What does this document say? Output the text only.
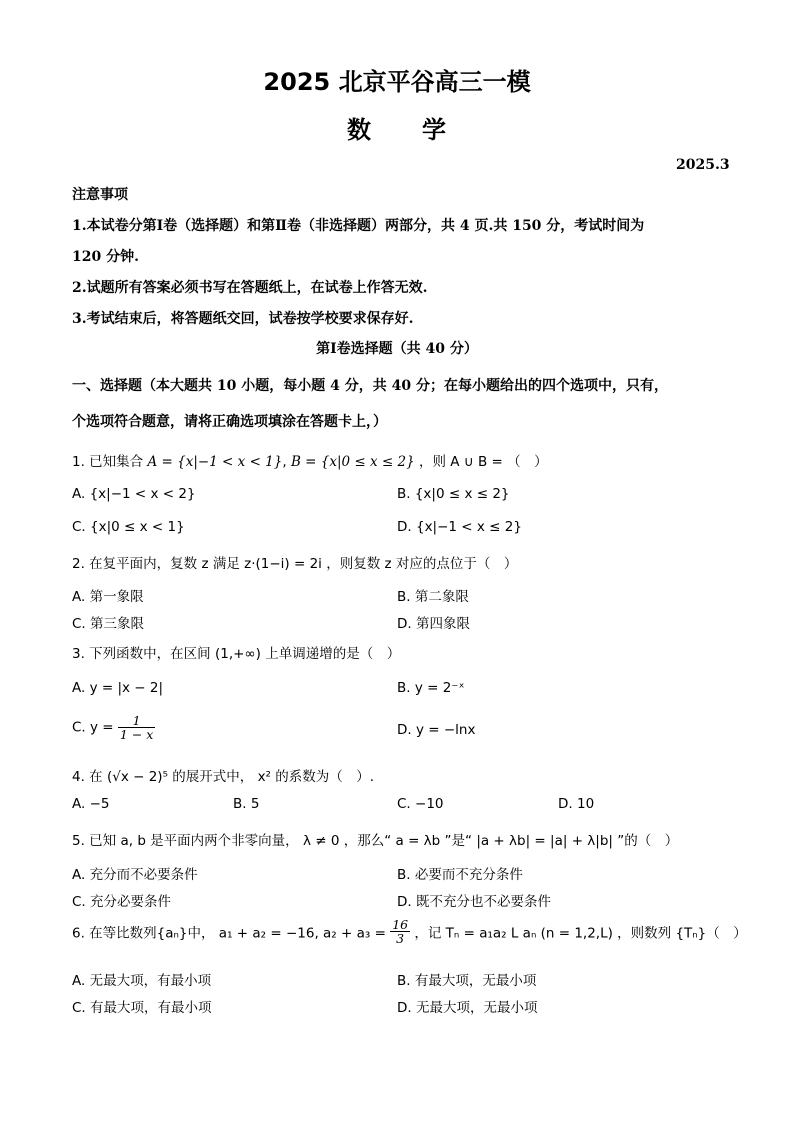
2025 北京平谷高三一模
数　　学
2025.3
注意事项
1.本试卷分第Ⅰ卷（选择题）和第Ⅱ卷（非选择题）两部分，共 4 页.共 150 分，考试时间为
120 分钟.
2.试题所有答案必须书写在答题纸上，在试卷上作答无效.
3.考试结束后，将答题纸交回，试卷按学校要求保存好.
第Ⅰ卷选择题（共 40 分）
一、选择题（本大题共 10 小题，每小题 4 分，共 40 分；在每小题给出的四个选项中，只有，
个选项符合题意，请将正确选项填涂在答题卡上，）
1. 已知集合 A = {x|−1 < x < 1}, B = {x|0 ≤ x ≤ 2} ，则 A ∪ B = （　）
A. {x|−1 < x < 2}	B. {x|0 ≤ x ≤ 2}
C. {x|0 ≤ x < 1}	D. {x|−1 < x ≤ 2}
2. 在复平面内，复数 z 满足 z·(1−i) = 2i ，则复数 z 对应的点位于（　）
A. 第一象限	B. 第二象限
C. 第三象限	D. 第四象限
3. 下列函数中，在区间 (1,+∞) 上单调递增的是（　）
A. y = |x − 2|	B. y = 2⁻ˣ
C. $y = \frac{1}{1 - x}$	D. y = −lnx
4. 在 (√x − 2)⁵ 的展开式中， x² 的系数为（　）.
A. −5	B. 5	C. −10	D. 10
5. 已知 a, b 是平面内两个非零向量， λ ≠ 0 ，那么“ a = λb ”是“ |a + λb| = |a| + λ|b| ”的（　）
A. 充分而不必要条件	B. 必要而不充分条件
C. 充分必要条件	D. 既不充分也不必要条件
6. 在等比数列{aₙ}中， a₁ + a₂ = −16, $a_2 + a_3 = \frac{16}{3}$ ，记 Tₙ = a₁a₂ L aₙ (n = 1,2,L) ，则数列 {Tₙ}（　）
A. 无最大项，有最小项	B. 有最大项，无最小项
C. 有最大项，有最小项	D. 无最大项，无最小项
